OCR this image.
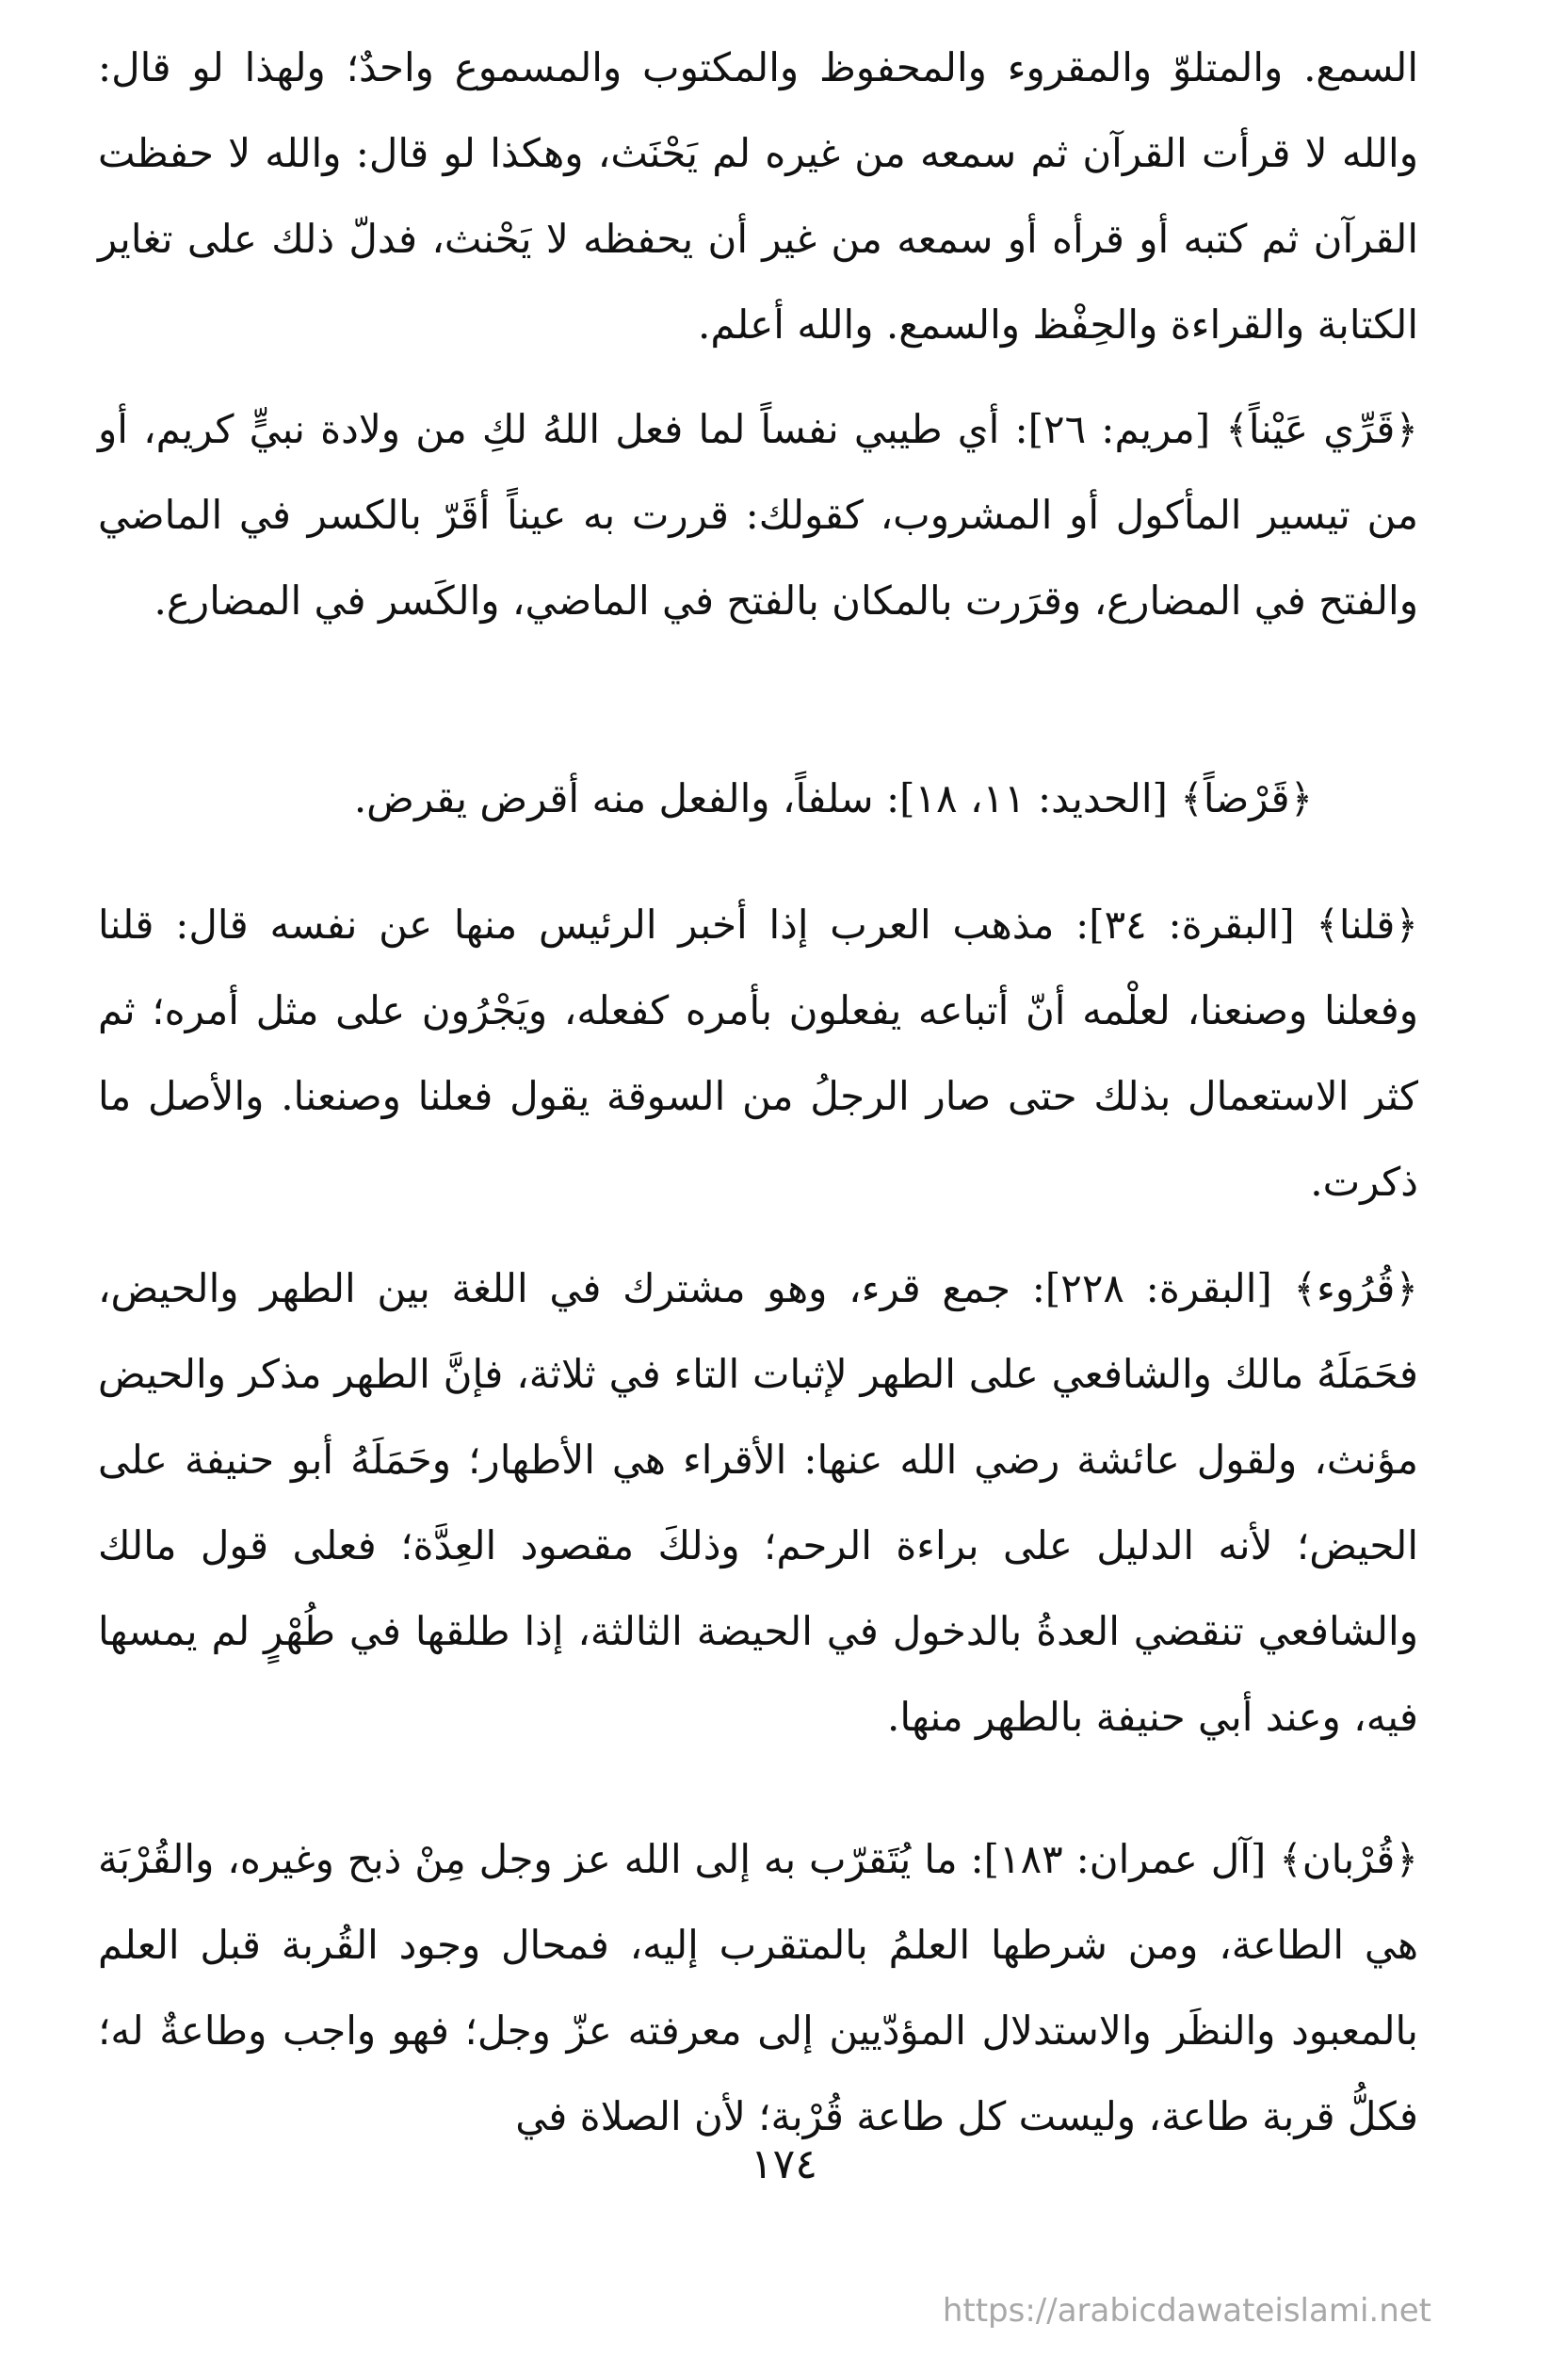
السمع. والمتلوّ والمقروء والمحفوظ والمكتوب والمسموع واحدٌ؛ ولهذا لو قال: والله لا قرأت القرآن ثم سمعه من غيره لم يَحْنَث، وهكذا لو قال: والله لا حفظت القرآن ثم كتبه أو قرأه أو سمعه من غير أن يحفظه لا يَحْنث، فدلّ ذلك على تغاير الكتابة والقراءة والحِفْظ والسمع. والله أعلم.

﴿قَرِّي عَيْناً﴾ [مريم: ٢٦]: أي طيبي نفساً لما فعل اللهُ لكِ من ولادة نبيٍّ كريم، أو من تيسير المأكول أو المشروب، كقولك: قررت به عيناً أقَرّ بالكسر في الماضي والفتح في المضارع، وقرَرت بالمكان بالفتح في الماضي، والكَسر في المضارع.

﴿قَرْضاً﴾ [الحديد: ١١، ١٨]: سلفاً، والفعل منه أقرض يقرض.

﴿قلنا﴾ [البقرة: ٣٤]: مذهب العرب إذا أخبر الرئيس منها عن نفسه قال: قلنا وفعلنا وصنعنا، لعلْمه أنّ أتباعه يفعلون بأمره كفعله، ويَجْرُون على مثل أمره؛ ثم كثر الاستعمال بذلك حتى صار الرجلُ من السوقة يقول فعلنا وصنعنا. والأصل ما ذكرت.

﴿قُرُوء﴾ [البقرة: ٢٢٨]: جمع قرء، وهو مشترك في اللغة بين الطهر والحيض، فحَمَلَهُ مالك والشافعي على الطهر لإثبات التاء في ثلاثة، فإنَّ الطهر مذكر والحيض مؤنث، ولقول عائشة رضي الله عنها: الأقراء هي الأطهار؛ وحَمَلَهُ أبو حنيفة على الحيض؛ لأنه الدليل على براءة الرحم؛ وذلكَ مقصود العِدَّة؛ فعلى قول مالك والشافعي تنقضي العدةُ بالدخول في الحيضة الثالثة، إذا طلقها في طُهْرٍ لم يمسها فيه، وعند أبي حنيفة بالطهر منها.

﴿قُرْبان﴾ [آل عمران: ١٨٣]: ما يُتَقرّب به إلى الله عز وجل مِنْ ذبح وغيره، والقُرْبَة هي الطاعة، ومن شرطها العلمُ بالمتقرب إليه، فمحال وجود القُربة قبل العلم بالمعبود والنظَر والاستدلال المؤدّيين إلى معرفته عزّ وجل؛ فهو واجب وطاعةٌ له؛ فكلُّ قربة طاعة، وليست كل طاعة قُرْبة؛ لأن الصلاة في

١٧٤
https://arabicdawateislami.net
